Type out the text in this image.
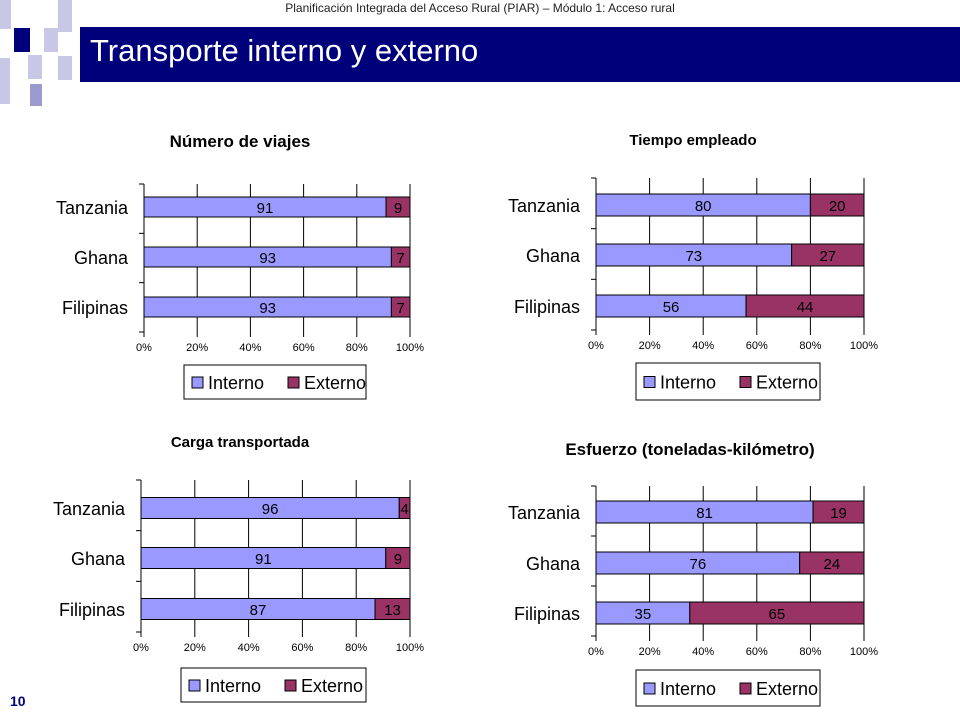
Planificación Integrada del Acceso Rural (PIAR) – Módulo 1: Acceso rural
Transporte interno y externo
Número de viajes
0%	20%	40%	60%	80%	100%
Tanzania	91	9
Ghana	93	7
Filipinas	93	7
Interno Externo
Tiempo empleado
0%	20%	40%	60%	80%	100%
Tanzania	80	20
Ghana	73	27
Filipinas	56	44
Interno Externo
Carga transportada
0%	20%	40%	60%	80%	100%
Tanzania	96	4
Ghana	91	9
Filipinas	87	13
Interno Externo
Esfuerzo (toneladas-kilómetro)
0%	20%	40%	60%	80%	100%
Tanzania	81	19
Ghana	76	24
Filipinas	35	65
Interno Externo
10
